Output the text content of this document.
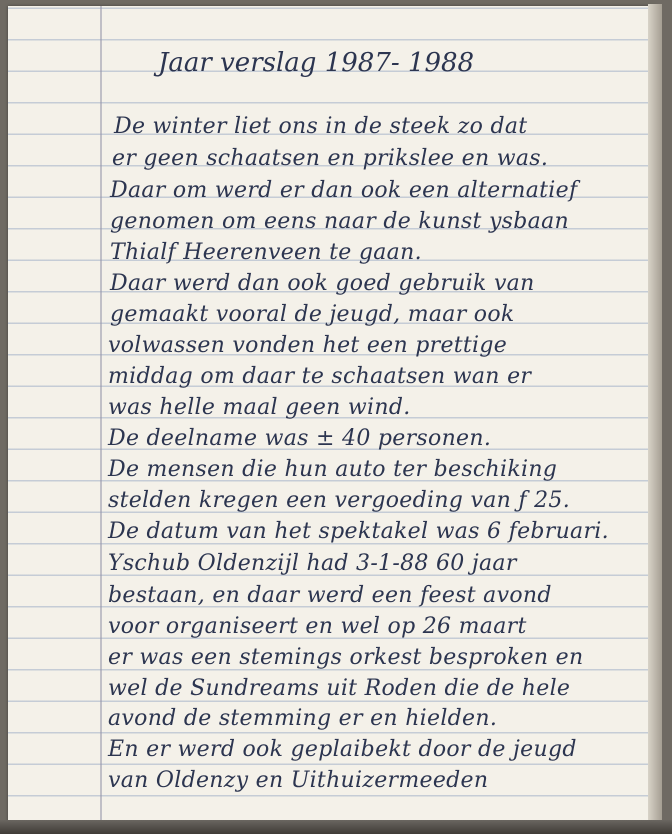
Jaar verslag 1987- 1988
De winter liet ons in de steek zo dat
er geen schaatsen en prikslee en was.
Daar om werd er dan ook een alternatief
genomen om eens naar de kunst ysbaan
Thialf Heerenveen te gaan.
Daar werd dan ook goed gebruik van
gemaakt vooral de jeugd, maar ook
volwassen vonden het een prettige
middag om daar te schaatsen wan er
was helle maal geen wind.
De deelname was ± 40 personen.
De mensen die hun auto ter beschiking
stelden kregen een vergoeding van ƒ 25.
De datum van het spektakel was 6 februari.
Yschub Oldenzijl had 3-1-88 60 jaar
bestaan, en daar werd een feest avond
voor organiseert en wel op 26 maart
er was een stemings orkest besproken en
wel de Sundreams uit Roden die de hele
avond de stemming er en hielden.
En er werd ook geplaibekt door de jeugd
van Oldenzy en Uithuizermeeden
